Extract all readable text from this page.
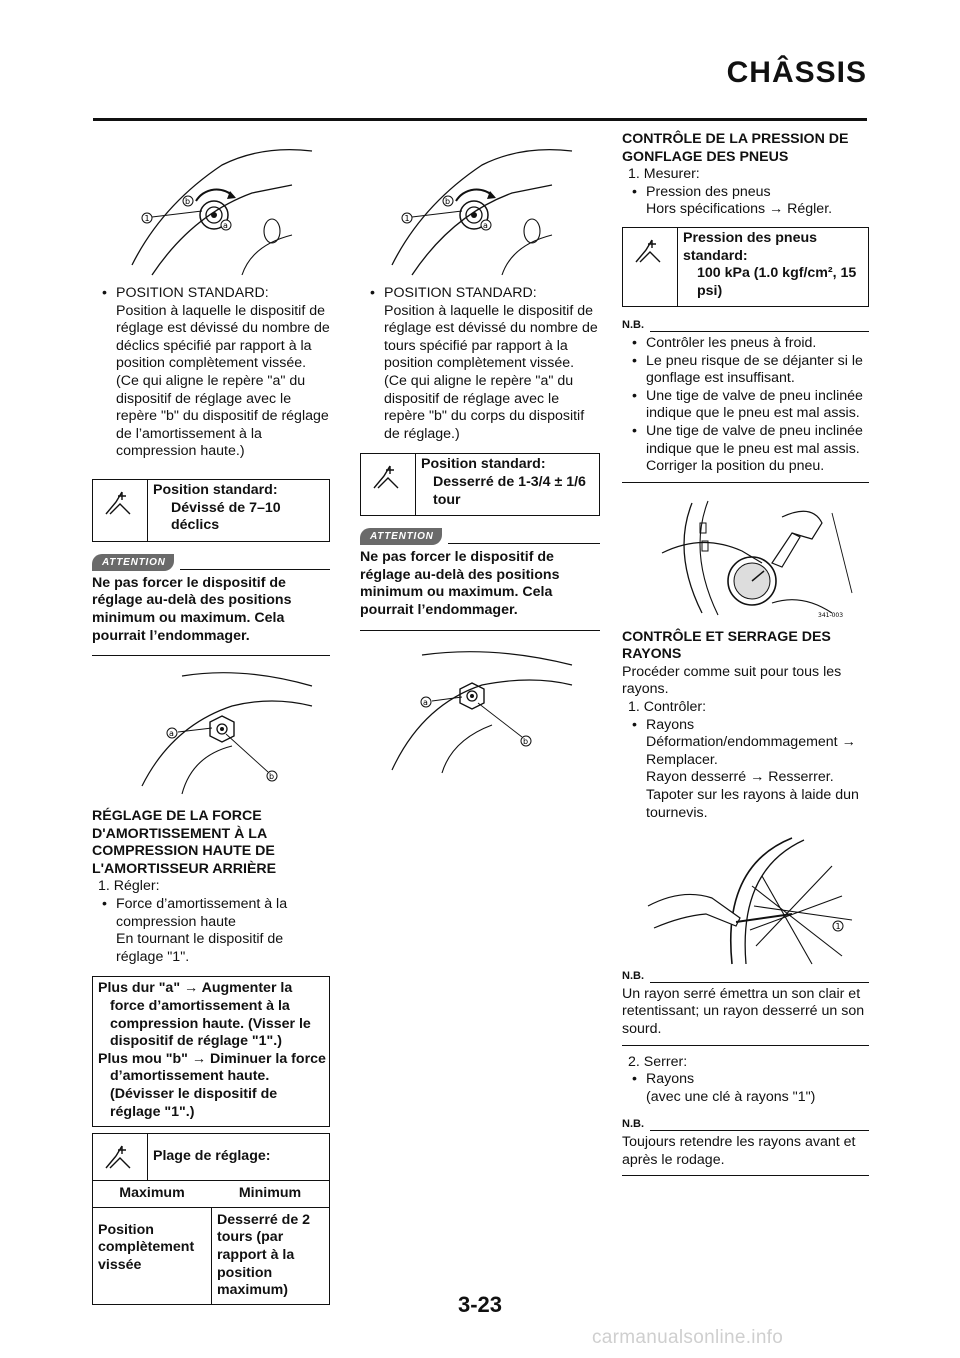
CHÂSSIS
1
b
a
• POSITION STANDARD:
Position à laquelle le dispositif de réglage est dévissé du nombre de déclics spécifié par rapport à la position complètement vissée. (Ce qui aligne le repère "a" du dispositif de réglage avec le repère "b" du dispositif de réglage de l’amortissement à la compression haute.)
Position standard:
Dévissé de 7–10
déclics
ATTENTION
Ne pas forcer le dispositif de réglage au-delà des positions minimum ou maximum. Cela pourrait l’endommager.
a
b
RÉGLAGE DE LA FORCE D'AMORTISSEMENT À LA COMPRESSION HAUTE DE L'AMORTISSEUR ARRIÈRE
1. Régler:
• Force d’amortissement à la compression haute
En tournant le dispositif de réglage "1".
Plus dur "a" → Augmenter la force d’amortissement à la compression haute. (Visser le dispositif de réglage "1".)
Plus mou "b" → Diminuer la force d’amortissement haute. (Dévisser le dispositif de réglage "1".)
Plage de réglage:
Maximum	Minimum
Position complètement vissée
Desserré de 2 tours (par rapport à la position maximum)
1
b
a
• POSITION STANDARD:
Position à laquelle le dispositif de réglage est dévissé du nombre de tours spécifié par rapport à la position complètement vissée. (Ce qui aligne le repère "a" du dispositif de réglage avec le repère "b" du corps du dispositif de réglage.)
Position standard:
Desserré de 1-3/4 ± 1/6
tour
ATTENTION
Ne pas forcer le dispositif de réglage au-delà des positions minimum ou maximum. Cela pourrait l’endommager.
a
b
CONTRÔLE DE LA PRESSION DE GONFLAGE DES PNEUS
1. Mesurer:
• Pression des pneus
Hors spécifications → Régler.
Pression des pneus standard:
100 kPa (1.0 kgf/cm², 15 psi)
N.B.
• Contrôler les pneus à froid.
• Le pneu risque de se déjanter si le gonflage est insuffisant.
• Une tige de valve de pneu inclinée indique que le pneu est mal assis.
• Une tige de valve de pneu inclinée indique que le pneu est mal assis. Corriger la position du pneu.
341-003
CONTRÔLE ET SERRAGE DES RAYONS
Procéder comme suit pour tous les rayons.
1. Contrôler:
• Rayons
Déformation/endommagement → Remplacer.
Rayon desserré → Resserrer.
Tapoter sur les rayons à laide dun tournevis.
1
N.B.
Un rayon serré émettra un son clair et retentissant; un rayon desserré un son sourd.
2. Serrer:
• Rayons
(avec une clé à rayons "1")
N.B.
Toujours retendre les rayons avant et après le rodage.
3-23
carmanualsonline.info
